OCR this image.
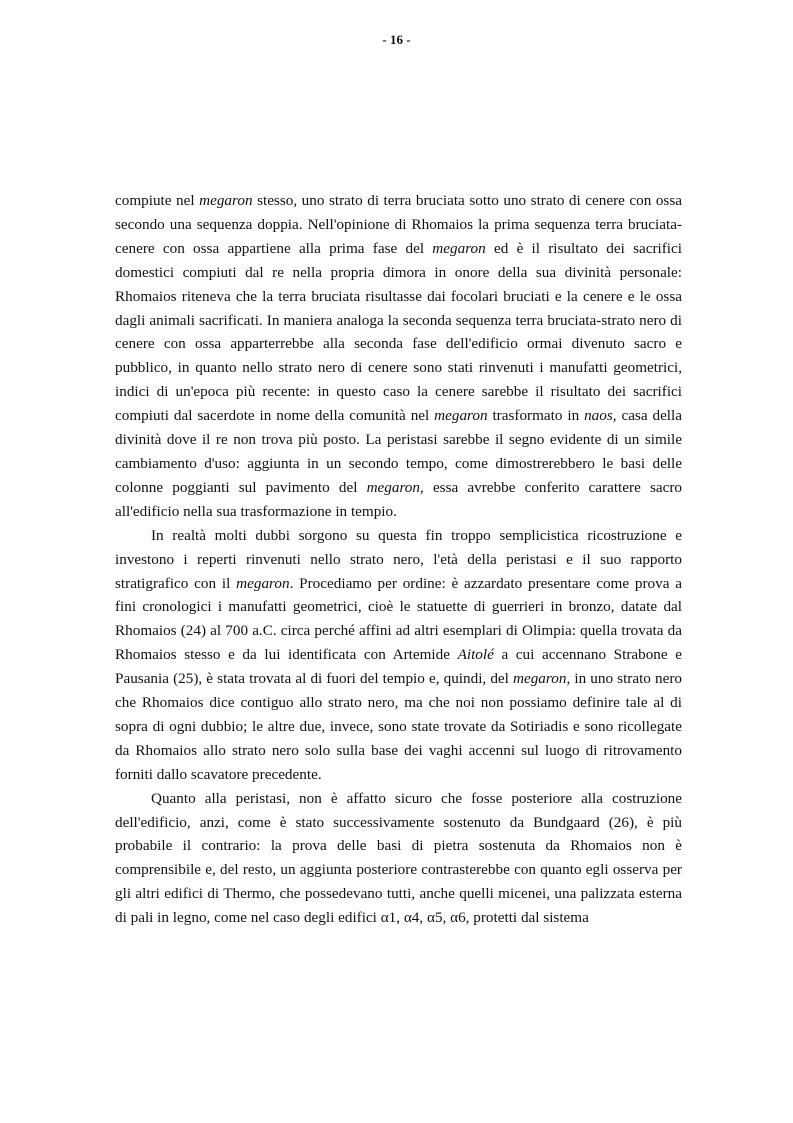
- 16 -

compiute nel megaron stesso, uno strato di terra bruciata sotto uno strato di cenere con ossa secondo una sequenza doppia. Nell'opinione di Rhomaios la prima sequenza terra bruciata-cenere con ossa appartiene alla prima fase del megaron ed è il risultato dei sacrifici domestici compiuti dal re nella propria dimora in onore della sua divinità personale: Rhomaios riteneva che la terra bruciata risultasse dai focolari bruciati e la cenere e le ossa dagli animali sacrificati. In maniera analoga la seconda sequenza terra bruciata-strato nero di cenere con ossa apparterrebbe alla seconda fase dell'edificio ormai divenuto sacro e pubblico, in quanto nello strato nero di cenere sono stati rinvenuti i manufatti geometrici, indici di un'epoca più recente: in questo caso la cenere sarebbe il risultato dei sacrifici compiuti dal sacerdote in nome della comunità nel megaron trasformato in naos, casa della divinità dove il re non trova più posto. La peristasi sarebbe il segno evidente di un simile cambiamento d'uso: aggiunta in un secondo tempo, come dimostrerebbero le basi delle colonne poggianti sul pavimento del megaron, essa avrebbe conferito carattere sacro all'edificio nella sua trasformazione in tempio.

In realtà molti dubbi sorgono su questa fin troppo semplicistica ricostruzione e investono i reperti rinvenuti nello strato nero, l'età della peristasi e il suo rapporto stratigrafico con il megaron. Procediamo per ordine: è azzardato presentare come prova a fini cronologici i manufatti geometrici, cioè le statuette di guerrieri in bronzo, datate dal Rhomaios (24) al 700 a.C. circa perché affini ad altri esemplari di Olimpia: quella trovata da Rhomaios stesso e da lui identificata con Artemide Aitolé a cui accennano Strabone e Pausania (25), è stata trovata al di fuori del tempio e, quindi, del megaron, in uno strato nero che Rhomaios dice contiguo allo strato nero, ma che noi non possiamo definire tale al di sopra di ogni dubbio; le altre due, invece, sono state trovate da Sotiriadis e sono ricollegate da Rhomaios allo strato nero solo sulla base dei vaghi accenni sul luogo di ritrovamento forniti dallo scavatore precedente.

Quanto alla peristasi, non è affatto sicuro che fosse posteriore alla costruzione dell'edificio, anzi, come è stato successivamente sostenuto da Bundgaard (26), è più probabile il contrario: la prova delle basi di pietra sostenuta da Rhomaios non è comprensibile e, del resto, un aggiunta posteriore contrasterebbe con quanto egli osserva per gli altri edifici di Thermo, che possedevano tutti, anche quelli micenei, una palizzata esterna di pali in legno, come nel caso degli edifici α1, α4, α5, α6, protetti dal sistema
